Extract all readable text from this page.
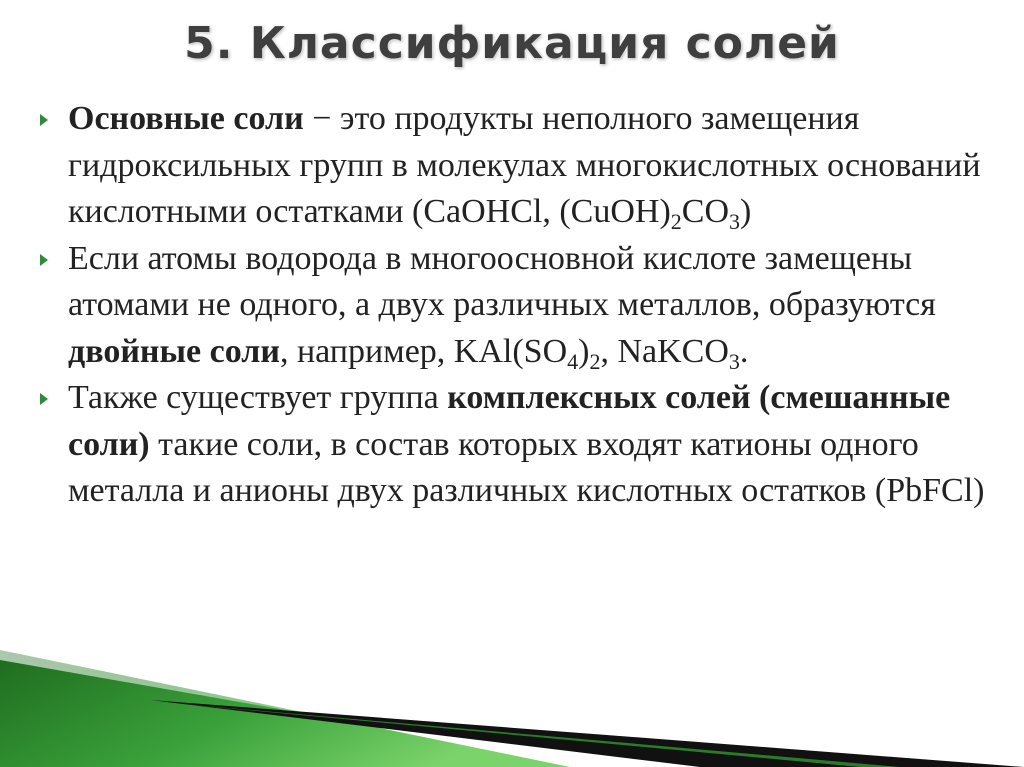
5. Классификация солей
Основные соли − это продукты неполного замещения гидроксильных групп в молекулах многокислотных оснований кислотными остатками (CaOHCl, $(CuOH)_2CO_3$)
Если атомы водорода в многоосновной кислоте замещены атомами не одного, а двух различных металлов, образуются двойные соли, например, $KAl(SO_4)_2$, NaKCO$_3$.
Также существует группа комплексных солей (смешанные соли) такие соли, в состав которых входят катионы одного металла и анионы двух различных кислотных остатков (PbFCl)
